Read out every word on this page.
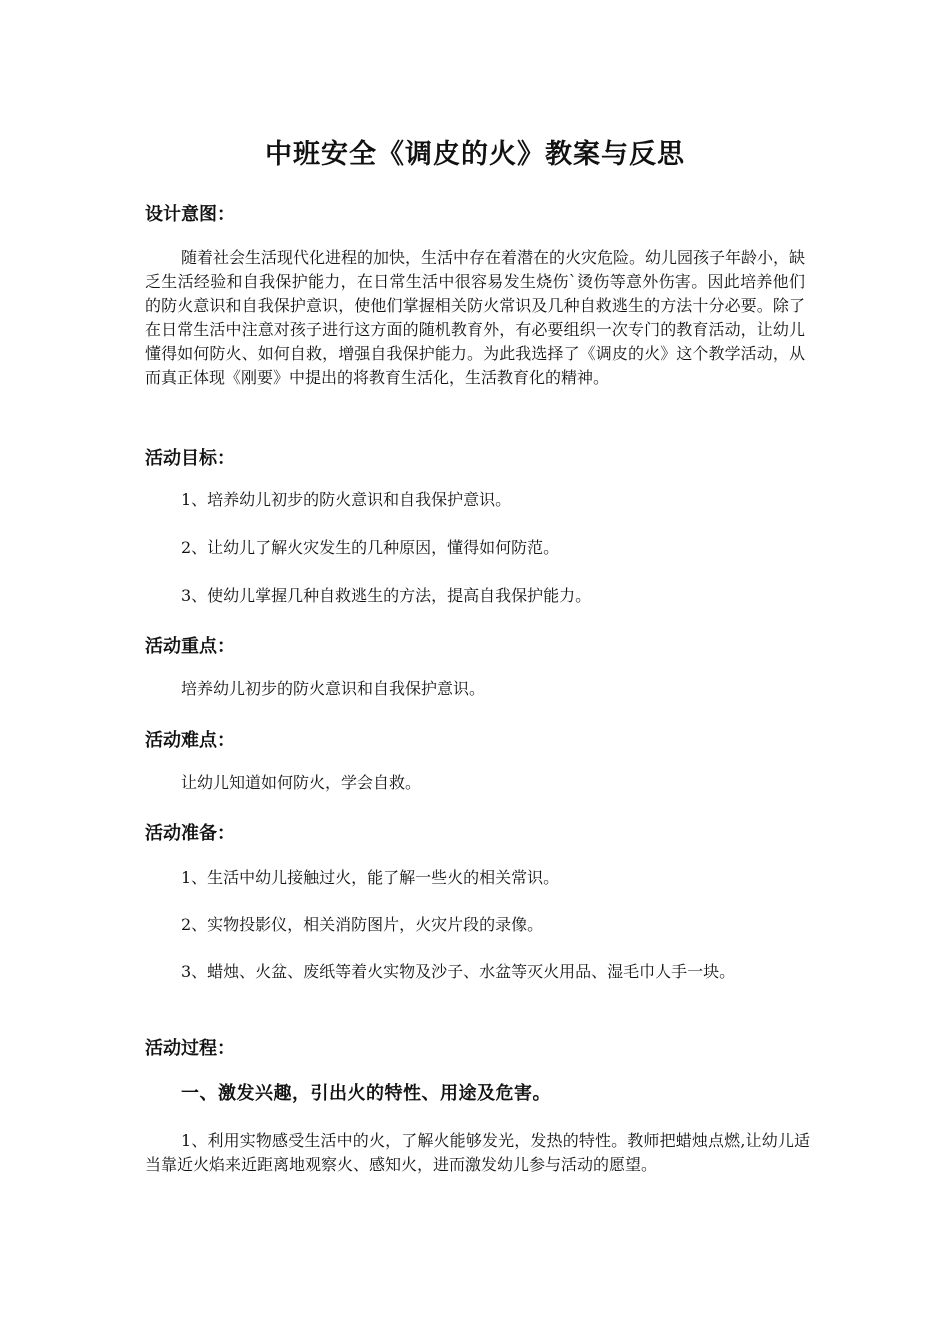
中班安全《调皮的火》教案与反思
设计意图：
随着社会生活现代化进程的加快，生活中存在着潜在的火灾危险。幼儿园孩子年龄小，缺乏生活经验和自我保护能力，在日常生活中很容易发生烧伤`烫伤等意外伤害。因此培养他们的防火意识和自我保护意识，使他们掌握相关防火常识及几种自救逃生的方法十分必要。除了在日常生活中注意对孩子进行这方面的随机教育外，有必要组织一次专门的教育活动，让幼儿懂得如何防火、如何自救，增强自我保护能力。为此我选择了《调皮的火》这个教学活动，从而真正体现《刚要》中提出的将教育生活化，生活教育化的精神。
活动目标：
1、培养幼儿初步的防火意识和自我保护意识。
2、让幼儿了解火灾发生的几种原因，懂得如何防范。
3、使幼儿掌握几种自救逃生的方法，提高自我保护能力。
活动重点：
培养幼儿初步的防火意识和自我保护意识。
活动难点：
让幼儿知道如何防火，学会自救。
活动准备：
1、生活中幼儿接触过火，能了解一些火的相关常识。
2、实物投影仪，相关消防图片，火灾片段的录像。
3、蜡烛、火盆、废纸等着火实物及沙子、水盆等灭火用品、湿毛巾人手一块。
活动过程：
一、激发兴趣，引出火的特性、用途及危害。
1、利用实物感受生活中的火，了解火能够发光，发热的特性。教师把蜡烛点燃,让幼儿适当靠近火焰来近距离地观察火、感知火，进而激发幼儿参与活动的愿望。
